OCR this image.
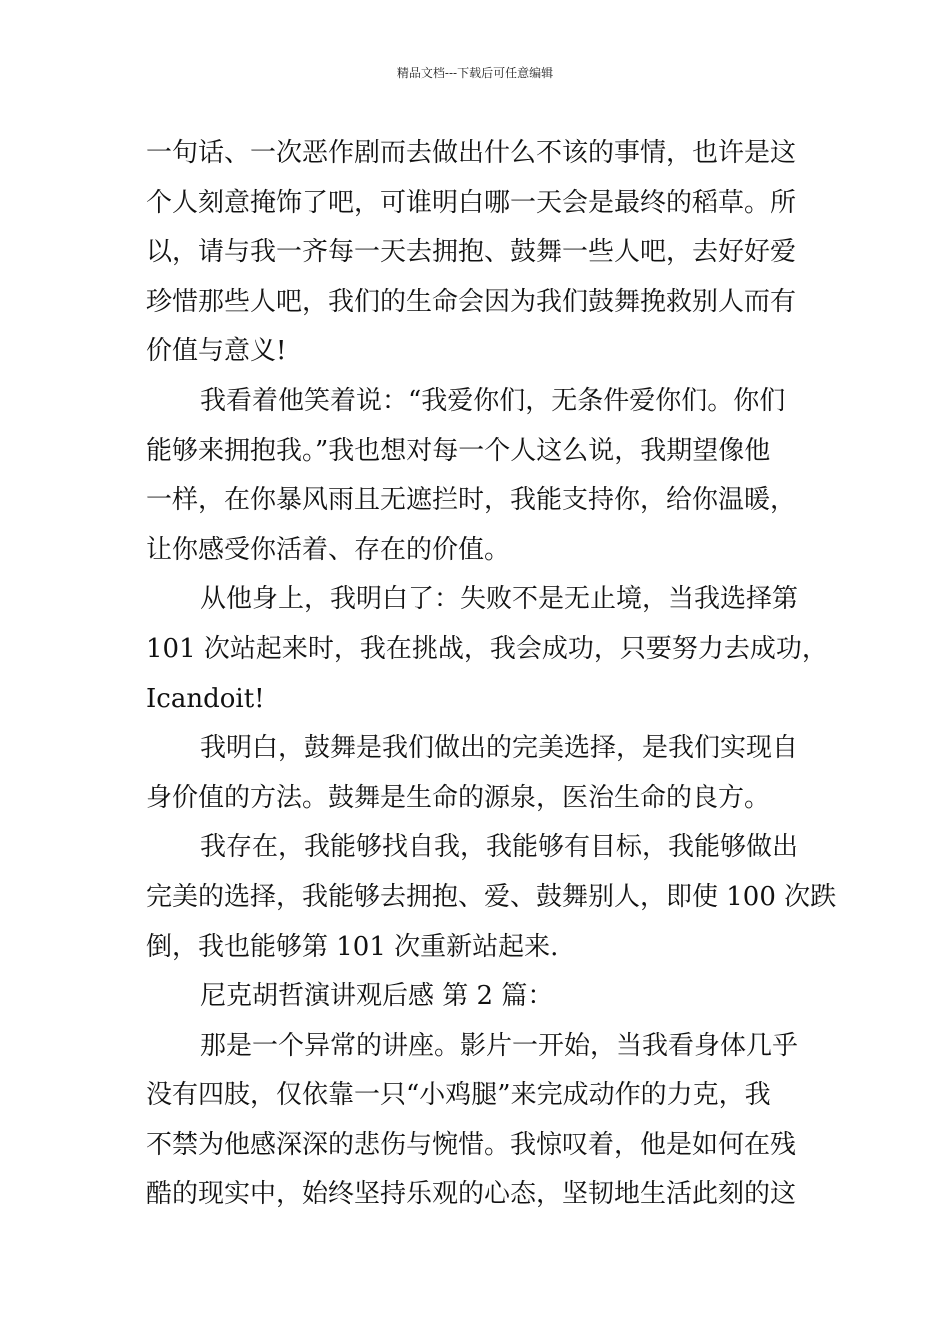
精品文档---下载后可任意编辑
一句话、一次恶作剧而去做出什么不该的事情，也许是这
个人刻意掩饰了吧，可谁明白哪一天会是最终的稻草。所
以，请与我一齐每一天去拥抱、鼓舞一些人吧，去好好爱
珍惜那些人吧，我们的生命会因为我们鼓舞挽救别人而有
价值与意义!
我看着他笑着说：“我爱你们，无条件爱你们。你们
能够来拥抱我。”我也想对每一个人这么说，我期望像他
一样，在你暴风雨且无遮拦时，我能支持你，给你温暖，
让你感受你活着、存在的价值。
从他身上，我明白了：失败不是无止境，当我选择第
101 次站起来时，我在挑战，我会成功，只要努力去成功，
Icandoit!
我明白，鼓舞是我们做出的完美选择，是我们实现自
身价值的方法。鼓舞是生命的源泉，医治生命的良方。
我存在，我能够找自我，我能够有目标，我能够做出
完美的选择，我能够去拥抱、爱、鼓舞别人，即使 100 次跌
倒，我也能够第 101 次重新站起来.
尼克胡哲演讲观后感 第 2 篇：
那是一个异常的讲座。影片一开始，当我看身体几乎
没有四肢，仅依靠一只“小鸡腿”来完成动作的力克，我
不禁为他感深深的悲伤与惋惜。我惊叹着，他是如何在残
酷的现实中，始终坚持乐观的心态，坚韧地生活此刻的这
